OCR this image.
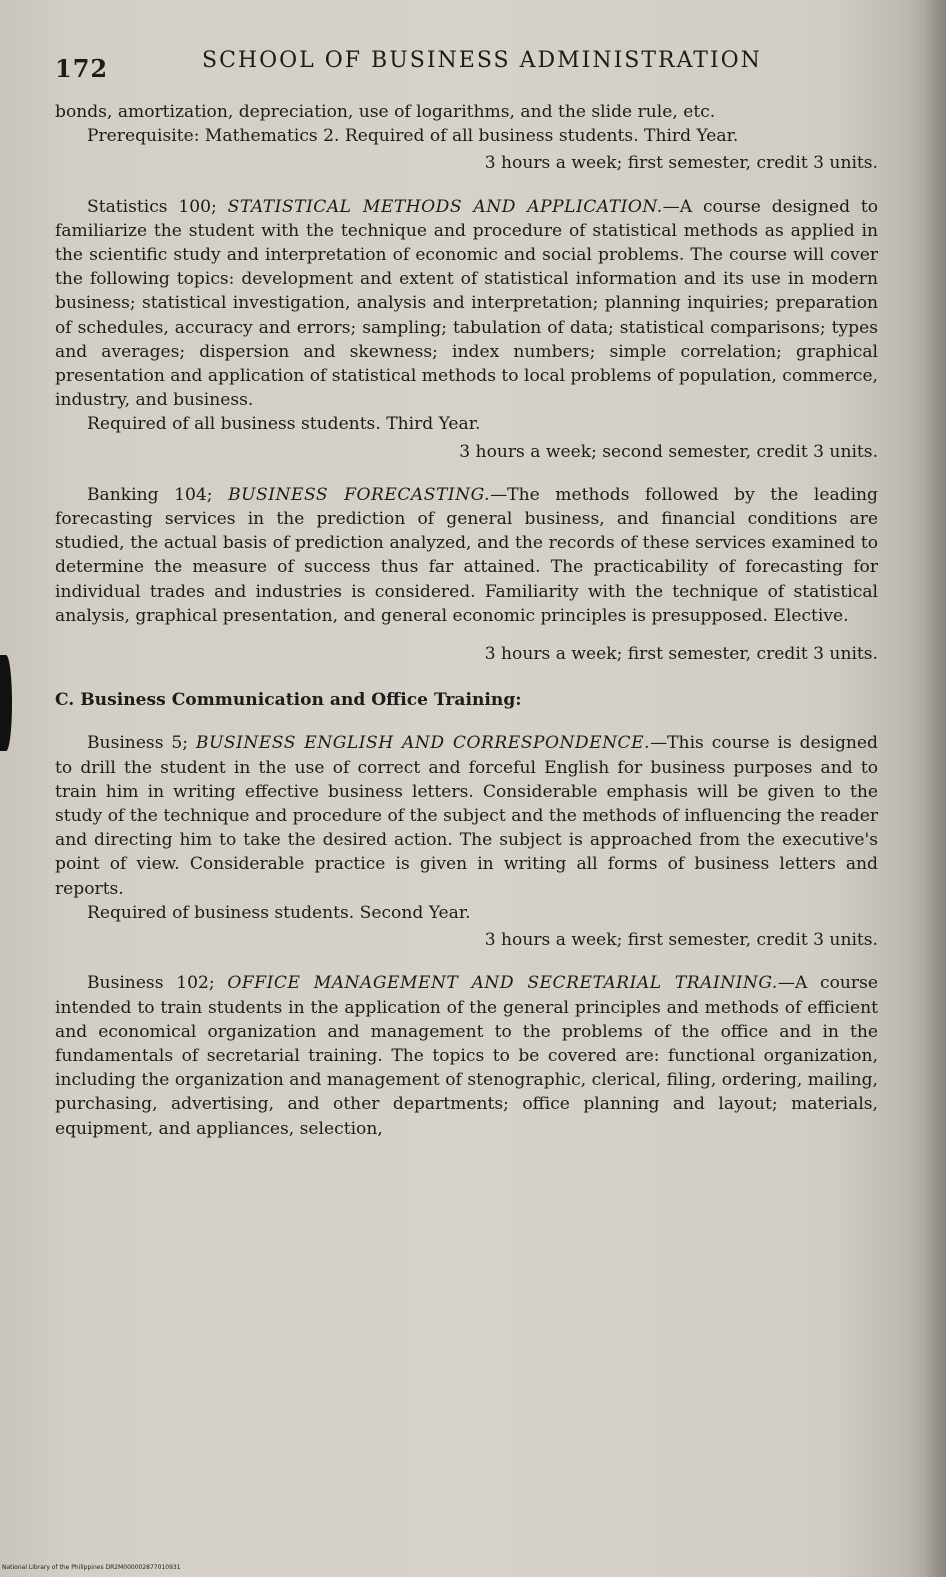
172	SCHOOL OF BUSINESS ADMINISTRATION

bonds, amortization, depreciation, use of logarithms, and the slide rule, etc.

Prerequisite: Mathematics 2. Required of all business students. Third Year.

3 hours a week; first semester, credit 3 units.

Statistics 100; STATISTICAL METHODS AND APPLICATION.—A course designed to familiarize the student with the technique and procedure of statistical methods as applied in the scientific study and interpretation of economic and social problems. The course will cover the following topics: development and extent of statistical information and its use in modern business; statistical investigation, analysis and interpretation; planning inquiries; preparation of schedules, accuracy and errors; sampling; tabulation of data; statistical comparisons; types and averages; dispersion and skewness; index numbers; simple correlation; graphical presentation and application of statistical methods to local problems of population, commerce, industry, and business.

Required of all business students. Third Year.

3 hours a week; second semester, credit 3 units.

Banking 104; BUSINESS FORECASTING.—The methods followed by the leading forecasting services in the prediction of general business, and financial conditions are studied, the actual basis of prediction analyzed, and the records of these services examined to determine the measure of success thus far attained. The practicability of forecasting for individual trades and industries is considered. Familiarity with the technique of statistical analysis, graphical presentation, and general economic principles is presupposed. Elective.

3 hours a week; first semester, credit 3 units.

C. Business Communication and Office Training:

Business 5; BUSINESS ENGLISH AND CORRESPONDENCE.—This course is designed to drill the student in the use of correct and forceful English for business purposes and to train him in writing effective business letters. Considerable emphasis will be given to the study of the technique and procedure of the subject and the methods of influencing the reader and directing him to take the desired action. The subject is approached from the executive's point of view. Considerable practice is given in writing all forms of business letters and reports.

Required of business students. Second Year.

3 hours a week; first semester, credit 3 units.

Business 102; OFFICE MANAGEMENT AND SECRETARIAL TRAINING.—A course intended to train students in the application of the general principles and methods of efficient and economical organization and management to the problems of the office and in the fundamentals of secretarial training. The topics to be covered are: functional organization, including the organization and management of stenographic, clerical, filing, ordering, mailing, purchasing, advertising, and other departments; office planning and layout; materials, equipment, and appliances, selection,

National Library of the Philippines DR2M000002877010931
